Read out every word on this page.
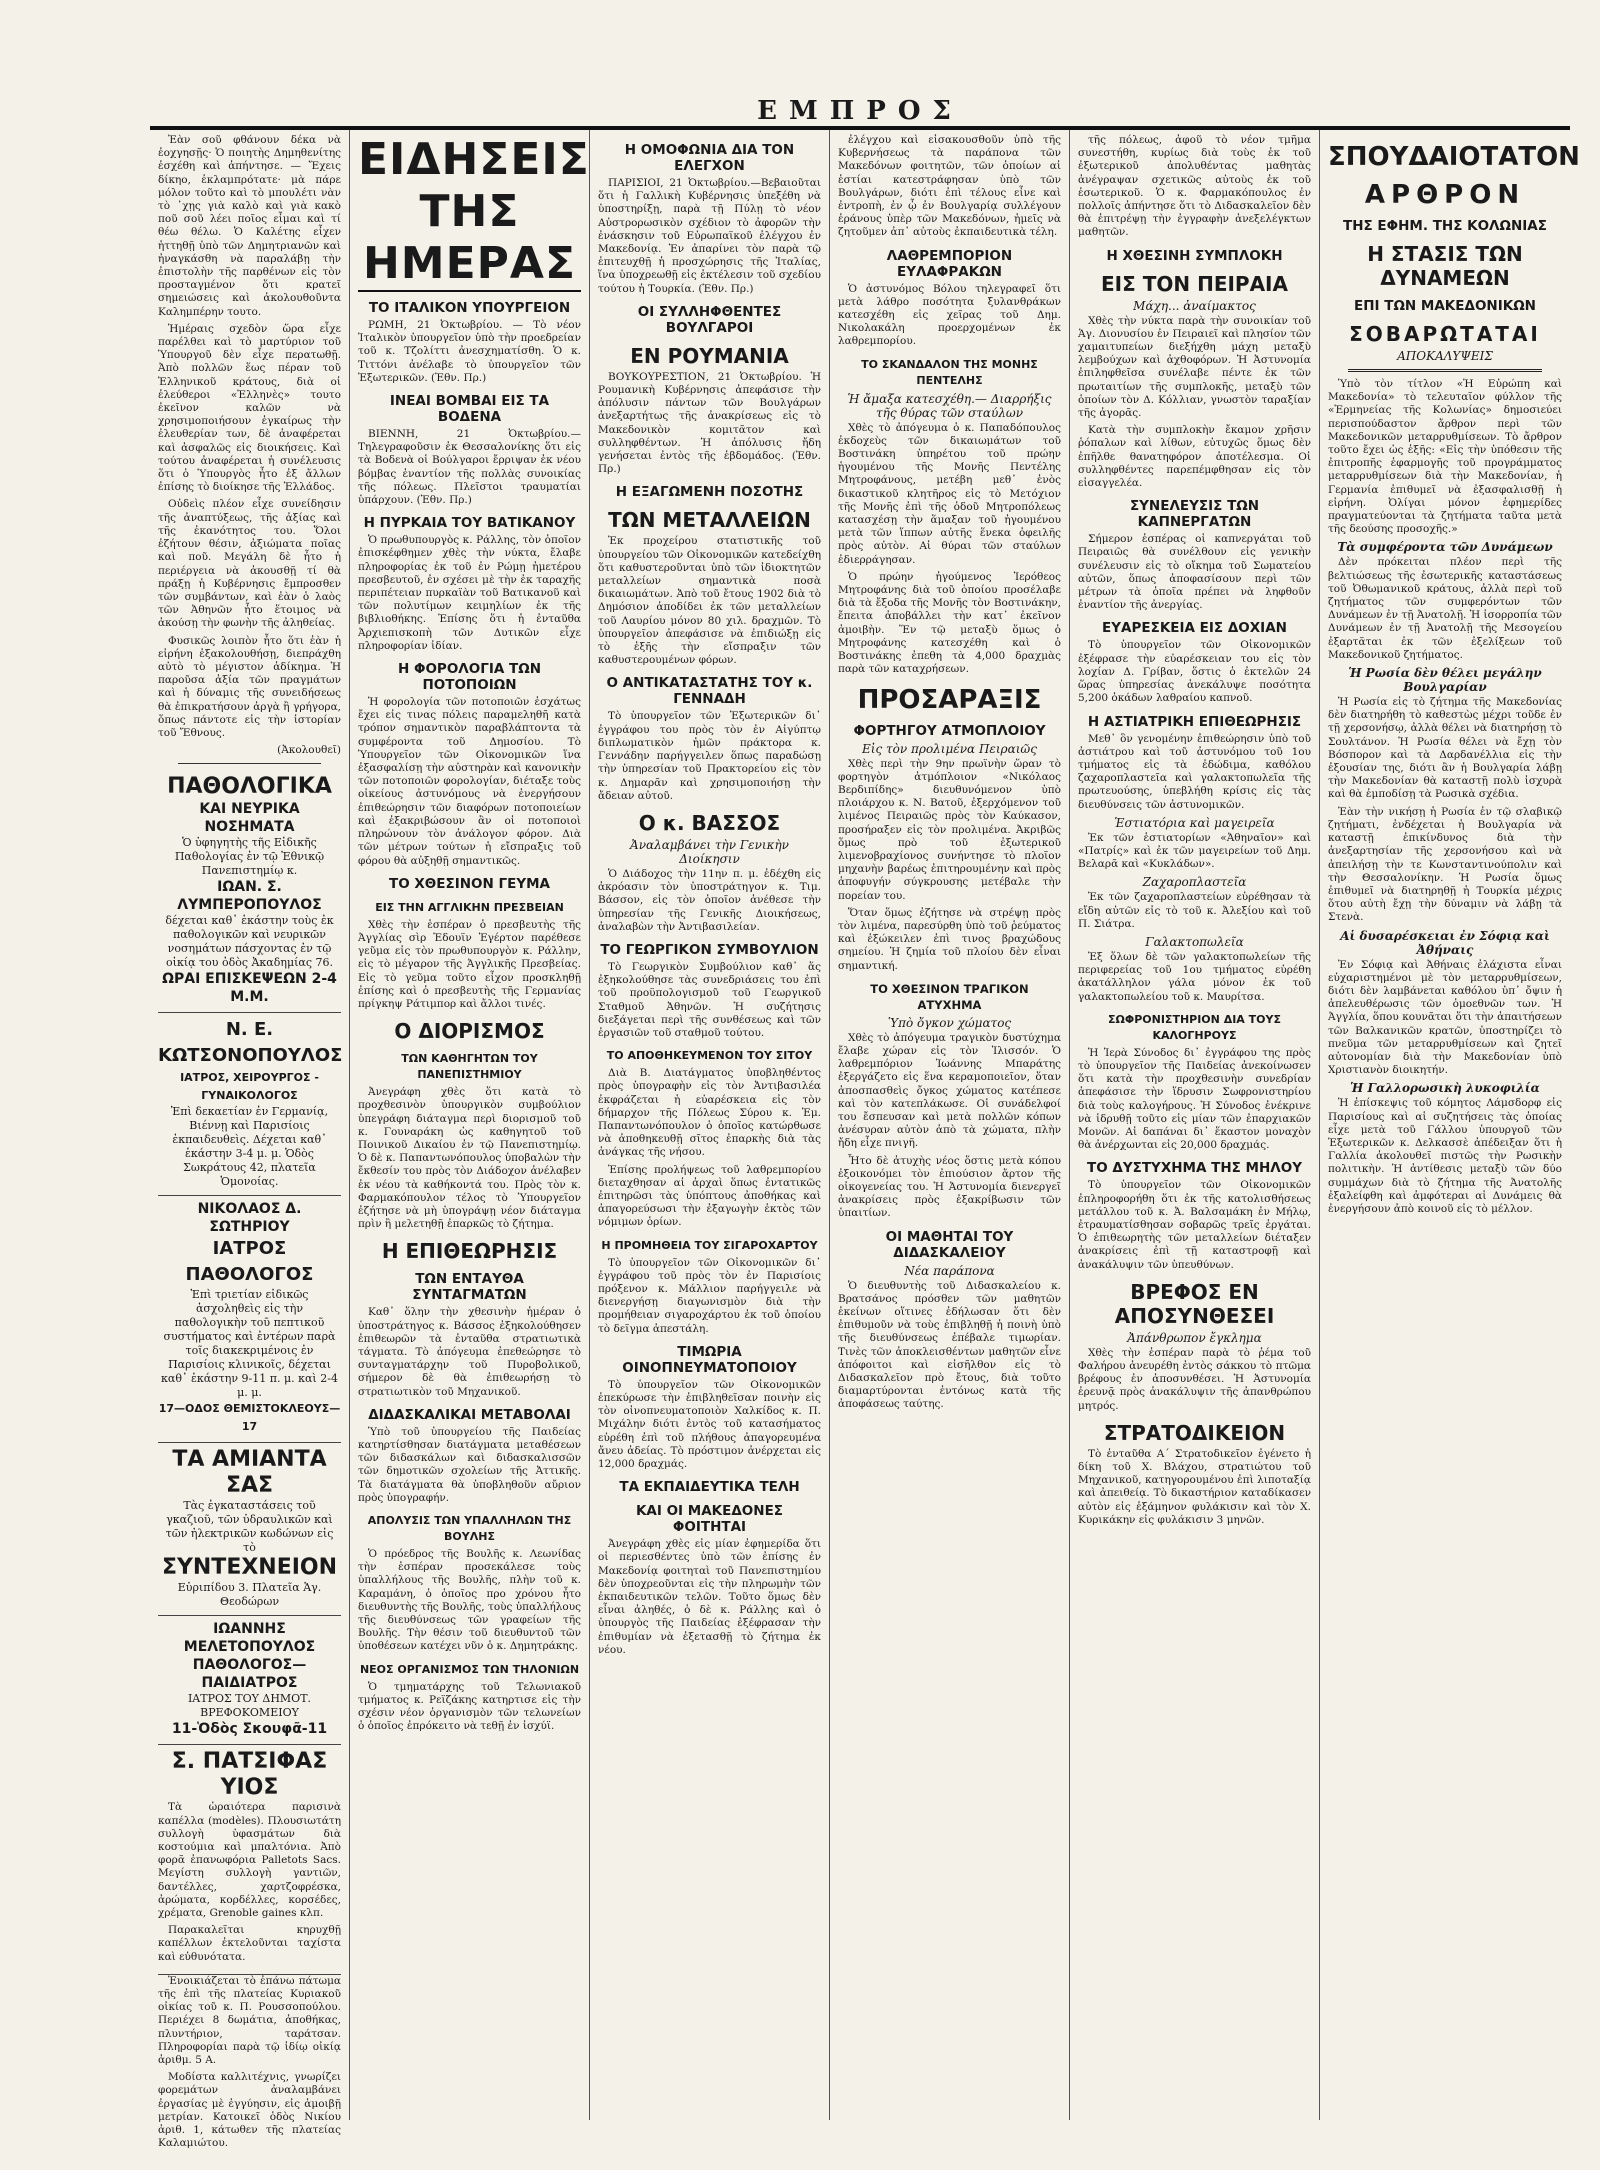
ΕΜΠΡΟΣ

Ἐὰν σοῦ φθάνουν δέκα νὰ ἐοχγησῇς· Ὁ ποιητὴς Δημηθενίτης ἐσχέθη καὶ ἀπήντησε. — Ἔχεις δίκηο, ἐκλαμπρότατε· μὰ πάρε μόλον τοῦτο καὶ τὸ μπουλέτι νὰν τὸ ᾽χῃς γιὰ καλὸ καὶ γιὰ κακὸ ποῦ σοῦ λέει ποῖος εἶμαι καὶ τί θέω θέλω. Ὁ Καλέτης εἶχεν ἡττηθῇ ὑπὸ τῶν Δημητριανῶν καὶ ἠναγκάσθη νὰ παραλάβῃ τὴν ἐπιστολὴν τῆς παρθένων εἰς τὸν προσταγμένον ὅτι κρατεῖ σημειώσεις καὶ ἀκολουθοῦντα Καλημπέρην τουτο.

Ἡμέραις σχεδὸν ὥρα εἶχε παρέλθει καὶ τὸ μαρτύριον τοῦ Ὑπουργοῦ δὲν εἶχε περατωθῇ. Ἀπὸ πολλῶν ἕως πέραν τοῦ Ἑλληνικοῦ κράτους, διὰ οἱ ἐλεύθεροι «Ἑλληνὲς» τουτο ἐκεῖνον καλῶν νὰ χρησιμοποιήσουν ἐγκαίρως τὴν ἐλευθερίαν των, δὲ ἀναφέρεται καὶ ἀσφαλῶς εἰς διοικήσεις. Καὶ τούτου ἀναφέρεται ἡ συνέλευσις ὅτι ὁ Ὑπουργὸς ἦτο ἐξ ἄλλων ἐπίσης τὸ διοίκησε τῆς Ἑλλάδος.

Οὐδεὶς πλέον εἶχε συνείδησιν τῆς ἀναπτύξεως, τῆς ἀξίας καὶ τῆς ἐκανότητος του. Ὅλοι ἐζήτουν θέσιν, ἀξιώματα ποῖας καὶ ποῦ. Μεγάλη δὲ ἦτο ἡ περιέργεια νὰ ἀκουσθῇ τί θὰ πράξῃ ἡ Κυβέρνησις ἔμπροσθεν τῶν συμβάντων, καὶ ἐὰν ὁ λαὸς τῶν Ἀθηνῶν ἦτο ἕτοιμος νὰ ἀκούσῃ τὴν φωνὴν τῆς ἀληθείας.

Φυσικῶς λοιπὸν ἦτο ὅτι ἐὰν ἡ εἰρήνη ἐξακολουθήσῃ, διεπράχθη αὐτὸ τὸ μέγιστον ἀδίκημα. Ἡ παροῦσα ἀξία τῶν πραγμάτων καὶ ἡ δύναμις τῆς συνειδήσεως θὰ ἐπικρατήσουν ἀργὰ ἢ γρήγορα, ὅπως πάντοτε εἰς τὴν ἱστορίαν τοῦ Ἔθνους.

(Ἀκολουθεῖ)

ΠΑΘΟΛΟΓΙΚΑ
ΚΑΙ ΝΕΥΡΙΚΑ ΝΟΣΗΜΑΤΑ
Ὁ ὑφηγητὴς τῆς Εἰδικῆς Παθολογίας ἐν τῷ Ἐθνικῷ Πανεπιστημίῳ κ.
ΙΩΑΝ. Σ. ΛΥΜΠΕΡΟΠΟΥΛΟΣ
δέχεται καθ᾽ ἑκάστην τοὺς ἐκ παθολογικῶν καὶ νευρικῶν νοσημάτων πάσχοντας ἐν τῷ οἰκίᾳ του ὁδὸς Ἀκαδημίας 76.
ΩΡΑΙ ΕΠΙΣΚΕΨΕΩΝ 2-4 Μ.Μ.
Ν. Ε. ΚΩΤΣΟΝΟΠΟΥΛΟΣ
ΙΑΤΡΟΣ, ΧΕΙΡΟΥΡΓΟΣ - ΓΥΝΑΙΚΟΛΟΓΟΣ
Ἐπὶ δεκαετίαν ἐν Γερμανίᾳ, Βιέννῃ καὶ Παρισίοις ἐκπαιδευθεὶς. Δέχεται καθ᾽ ἑκάστην 3-4 μ. μ. Ὁδὸς Σωκράτους 42, πλατεῖα Ὁμονοίας.
ΝΙΚΟΛΑΟΣ Δ. ΣΩΤΗΡΙΟΥ
ΙΑΤΡΟΣ ΠΑΘΟΛΟΓΟΣ
Ἐπὶ τριετίαν εἰδικῶς ἀσχοληθεὶς εἰς τὴν παθολογικὴν τοῦ πεπτικοῦ συστήματος καὶ ἐντέρων παρὰ τοῖς διακεκριμένοις ἐν Παρισίοις κλινικοῖς, δέχεται καθ᾽ ἑκάστην 9-11 π. μ. καὶ 2-4 μ. μ.
17—ΟΔΟΣ ΘΕΜΙΣΤΟΚΛΕΟΥΣ—17
ΤΑ ΑΜΙΑΝΤΑ ΣΑΣ
Τὰς ἐγκαταστάσεις τοῦ γκαζιοῦ, τῶν ὑδραυλικῶν καὶ τῶν ἠλεκτρικῶν κωδώνων εἰς τὸ
ΣΥΝΤΕΧΝΕΙΟΝ
Εὐριπίδου 3. Πλατεῖα Ἁγ. Θεοδώρων
ΙΩΑΝΝΗΣ ΜΕΛΕΤΟΠΟΥΛΟΣ
ΠΑΘΟΛΟΓΟΣ—ΠΑΙΔΙΑΤΡΟΣ
ΙΑΤΡΟΣ ΤΟΥ ΔΗΜΟΤ. ΒΡΕΦΟΚΟΜΕΙΟΥ
11-Ὁδὸς Σκουφᾶ-11
Σ. ΠΑΤΣΙΦΑΣ ΥΙΟΣ

Τὰ ὡραιότερα παρισινὰ καπέλλα (modèles). Πλουσιωτάτη συλλογὴ ὑφασμάτων διὰ κοστούμια καὶ μπαλτόνια. Ἀπὸ φορᾶ ἐπανωφόρια Palletots Sacs. Μεγίστη συλλογὴ γαντιῶν, δαντέλλες, χαρτζοφρέσκα, ἀρώματα, κορδέλλες, κορσέδες, χρέματα, Grenoble gaines κλπ.

Παρακαλεῖται κηρυχθῇ καπέλλων ἐκτελοῦνται ταχίστα καὶ εὐθυνότατα.

Ἐνοικιάζεται τὸ ἐπάνω πάτωμα τῆς ἐπὶ τῆς πλατείας Κυριακοῦ οἰκίας τοῦ κ. Π. Ρουσσοπούλου. Περιέχει 8 δωμάτια, ἀποθήκας, πλυντήριον, ταράτσαν. Πληροφορίαι παρὰ τῷ ἰδίῳ οἰκίᾳ ἀριθμ. 5 Α.

Μοδίστα καλλιτέχνις, γνωρίζει φορεμάτων ἀναλαμβάνει ἐργασίας μὲ ἐγγύησιν, εἰς ἀμοιβῇ μετρίαν. Κατοικεῖ ὁδὸς Νικίου ἀριθ. 1, κάτωθεν τῆς πλατείας Καλαμιώτου.

ΕΙΔΗΣΕΙΣ ΤΗΣ ΗΜΕΡΑΣ
ΤΟ ΙΤΑΛΙΚΟΝ ΥΠΟΥΡΓΕΙΟΝ

ΡΩΜΗ, 21 Ὀκτωβρίου. — Τὸ νέον Ἰταλικὸν ὑπουργεῖον ὑπὸ τὴν προεδρείαν τοῦ κ. Τζολίττι ἀνεσχηματίσθη. Ὁ κ. Τιττόνι ἀνέλαβε τὸ ὑπουργεῖον τῶν Ἐξωτερικῶν. (Ἐθν. Πρ.)

ΙΝΕΑΙ ΒΟΜΒΑΙ ΕΙΣ ΤΑ ΒΟΔΕΝΑ

ΒΙΕΝΝΗ, 21 Ὀκτωβρίου.—Τηλεγραφοῦσιν ἐκ Θεσσαλονίκης ὅτι εἰς τὰ Βοδενὰ οἱ Βούλγαροι ἔρριψαν ἐκ νέου βόμβας ἐναντίον τῆς πολλὰς συνοικίας τῆς πόλεως. Πλεῖστοι τραυματίαι ὑπάρχουν. (Ἐθν. Πρ.)

Η ΠΥΡΚΑΙΑ ΤΟΥ ΒΑΤΙΚΑΝΟΥ

Ὁ πρωθυπουργὸς κ. Ράλλης, τὸν ὁποῖον ἐπισκέφθημεν χθὲς τὴν νύκτα, ἔλαβε πληροφορίας ἐκ τοῦ ἐν Ρώμῃ ἡμετέρου πρεσβευτοῦ, ἐν σχέσει μὲ τὴν ἐκ ταραχῆς περιπέτειαν πυρκαϊὰν τοῦ Βατικανοῦ καὶ τῶν πολυτίμων κειμηλίων ἐκ τῆς βιβλιοθήκης. Ἐπίσης ὅτι ἡ ἐνταῦθα Ἀρχιεπισκοπὴ τῶν Δυτικῶν εἶχε πληροφορίαν ἰδίαν.

Η ΦΟΡΟΛΟΓΙΑ ΤΩΝ ΠΟΤΟΠΟΙΩΝ

Ἡ φορολογία τῶν ποτοποιῶν ἐσχάτως ἔχει εἰς τινας πόλεις παραμεληθῆ κατὰ τρόπον σημαντικὸν παραβλάπτοντα τὰ συμφέροντα τοῦ Δημοσίου. Τὸ Ὑπουργεῖον τῶν Οἰκονομικῶν ἵνα ἐξασφαλίσῃ τὴν αὐστηρὰν καὶ κανονικὴν τῶν ποτοποιῶν φορολογίαν, διέταξε τοὺς οἰκείους ἀστυνόμους νὰ ἐνεργήσουν ἐπιθεώρησιν τῶν διαφόρων ποτοποιείων καὶ ἐξακριβώσουν ἂν οἱ ποτοποιοὶ πληρώνουν τὸν ἀνάλογον φόρον. Διὰ τῶν μέτρων τούτων ἡ εἴσπραξις τοῦ φόρου θὰ αὐξηθῇ σημαντικῶς.

ΤΟ ΧΘΕΣΙΝΟΝ ΓΕΥΜΑ
ΕΙΣ ΤΗΝ ΑΓΓΛΙΚΗΝ ΠΡΕΣΒΕΙΑΝ

Χθὲς τὴν ἑσπέραν ὁ πρεσβευτὴς τῆς Ἀγγλίας σὶρ Ἐδουϊν Ἐγέρτον παρέθεσε γεῦμα εἰς τὸν πρωθυπουργὸν κ. Ράλλην, εἰς τὸ μέγαρον τῆς Ἀγγλικῆς Πρεσβείας. Εἰς τὸ γεῦμα τοῦτο εἶχον προσκληθῇ ἐπίσης καὶ ὁ πρεσβευτὴς τῆς Γερμανίας πρίγκηψ Ράτιμπορ καὶ ἄλλοι τινές.

Ο ΔΙΟΡΙΣΜΟΣ
ΤΩΝ ΚΑΘΗΓΗΤΩΝ ΤΟΥ ΠΑΝΕΠΙΣΤΗΜΙΟΥ

Ἀνεγράφη χθὲς ὅτι κατὰ τὸ προχθεσινὸν ὑπουργικὸν συμβούλιον ὑπεγράφη διάταγμα περὶ διορισμοῦ τοῦ κ. Γουναράκη ὡς καθηγητοῦ τοῦ Ποινικοῦ Δικαίου ἐν τῷ Πανεπιστημίῳ. Ὁ δὲ κ. Παπαντωνόπουλος ὑποβαλὼν τὴν ἔκθεσίν του πρὸς τὸν Διάδοχον ἀνέλαβεν ἐκ νέου τὰ καθήκοντά του. Πρὸς τὸν κ. Φαρμακόπουλον τέλος τὸ Ὑπουργεῖον ἐζήτησε νὰ μὴ ὑπογράψῃ νέον διάταγμα πρὶν ἢ μελετηθῇ ἐπαρκῶς τὸ ζήτημα.

Η ΕΠΙΘΕΩΡΗΣΙΣ
ΤΩΝ ΕΝΤΑΥΘΑ ΣΥΝΤΑΓΜΑΤΩΝ

Καθ᾽ ὅλην τὴν χθεσινὴν ἡμέραν ὁ ὑποστράτηγος κ. Βάσσος ἐξηκολούθησεν ἐπιθεωρῶν τὰ ἐνταῦθα στρατιωτικὰ τάγματα. Τὸ ἀπόγευμα ἐπεθεώρησε τὸ συνταγματάρχην τοῦ Πυροβολικοῦ, σήμερον δὲ θὰ ἐπιθεωρήσῃ τὸ στρατιωτικὸν τοῦ Μηχανικοῦ.

ΔΙΔΑΣΚΑΛΙΚΑΙ ΜΕΤΑΒΟΛΑΙ

Ὑπὸ τοῦ ὑπουργείου τῆς Παιδείας κατηρτίσθησαν διατάγματα μεταθέσεων τῶν διδασκάλων καὶ διδασκαλισσῶν τῶν δημοτικῶν σχολείων τῆς Ἀττικῆς. Τὰ διατάγματα θὰ ὑποβληθοῦν αὔριον πρὸς ὑπογραφήν.

ΑΠΟΛΥΣΙΣ ΤΩΝ ΥΠΑΛΛΗΛΩΝ ΤΗΣ ΒΟΥΛΗΣ

Ὁ πρόεδρος τῆς Βουλῆς κ. Λεωνίδας τὴν ἑσπέραν προσεκάλεσε τοὺς ὑπαλλήλους τῆς Βουλῆς, πλὴν τοῦ κ. Καραμάνη, ὁ ὁποῖος προ χρόνου ἦτο διευθυντὴς τῆς Βουλῆς, τοὺς ὑπαλλήλους τῆς διευθύνσεως τῶν γραφείων τῆς Βουλῆς. Τὴν θέσιν τοῦ διευθυντοῦ τῶν ὑποθέσεων κατέχει νῦν ὁ κ. Δημητράκης.

ΝΕΟΣ ΟΡΓΑΝΙΣΜΟΣ ΤΩΝ ΤΗΛΟΝΙΩΝ

Ὁ τμηματάρχης τοῦ Τελωνιακοῦ τμήματος κ. Ρεϊζάκης κατηρτισε εἰς τὴν σχέσιν νέον ὀργανισμὸν τῶν τελωνείων ὁ ὁποῖος ἐπρόκειτο νὰ τεθῇ ἐν ἰσχύϊ.

Η ΟΜΟΦΩΝΙΑ ΔΙΑ ΤΟΝ ΕΛΕΓΧΟΝ

ΠΑΡΙΣΙΟΙ, 21 Ὀκτωβρίου.—Βεβαιοῦται ὅτι ἡ Γαλλικὴ Κυβέρνησις ὑπεξέθη νὰ ὑποστηρίξῃ, παρὰ τῇ Πύλῃ τὸ νέον Αὐστρορωσικὸν σχέδιον τὸ ἀφορῶν τὴν ἐνάσκησιν τοῦ Εὐρωπαϊκοῦ ἐλέγχου ἐν Μακεδονίᾳ. Ἐν ἀπαρίνει τὸν παρὰ τῷ ἐπιτευχθῇ ἡ προσχώρησις τῆς Ἰταλίας, ἵνα ὑποχρεωθῇ εἰς ἐκτέλεσιν τοῦ σχεδίου τούτου ἡ Τουρκία. (Ἐθν. Πρ.)

ΟΙ ΣΥΛΛΗΦΘΕΝΤΕΣ ΒΟΥΛΓΑΡΟΙ
ΕΝ ΡΟΥΜΑΝΙΑ

ΒΟΥΚΟΥΡΕΣΤΙΟΝ, 21 Ὀκτωβρίου. Ἡ Ρουμανικὴ Κυβέρνησις ἀπεφάσισε τὴν ἀπόλυσιν πάντων τῶν Βουλγάρων ἀνεξαρτήτως τῆς ἀνακρίσεως εἰς τὸ Μακεδονικὸν κομιτᾶτον καὶ συλληφθέντων. Ἡ ἀπόλυσις ἤδη γενήσεται ἐντὸς τῆς ἑβδομάδος. (Ἐθν. Πρ.)

Η ΕΞΑΓΩΜΕΝΗ ΠΟΣΟΤΗΣ
ΤΩΝ ΜΕΤΑΛΛΕΙΩΝ

Ἐκ προχείρου στατιστικῆς τοῦ ὑπουργείου τῶν Οἰκονομικῶν κατεδείχθη ὅτι καθυστεροῦνται ὑπὸ τῶν ἰδιοκτητῶν μεταλλείων σημαντικὰ ποσὰ δικαιωμάτων. Ἀπὸ τοῦ ἔτους 1902 διὰ τὸ Δημόσιον ἀποδίδει ἐκ τῶν μεταλλείων τοῦ Λαυρίου μόνον 80 χιλ. δραχμῶν. Τὸ ὑπουργεῖον ἀπεφάσισε νὰ ἐπιδιώξῃ εἰς τὸ ἑξῆς τὴν εἴσπραξιν τῶν καθυστερουμένων φόρων.

Ο ΑΝΤΙΚΑΤΑΣΤΑΤΗΣ ΤΟΥ κ. ΓΕΝΝΑΔΗ

Τὸ ὑπουργεῖον τῶν Ἐξωτερικῶν δι᾽ ἐγγράφου του πρὸς τὸν ἐν Αἰγύπτῳ διπλωματικὸν ἡμῶν πράκτορα κ. Γεννάδην παρήγγειλεν ὅπως παραδώσῃ τὴν ὑπηρεσίαν τοῦ Πρακτορείου εἰς τὸν κ. Δημαρᾶν καὶ χρησιμοποιήσῃ τὴν ἄδειαν αὐτοῦ.

Ο κ. ΒΑΣΣΟΣ
Ἀναλαμβάνει τὴν Γενικὴν Διοίκησιν

Ὁ Διάδοχος τὴν 11ην π. μ. ἐδέχθη εἰς ἀκρόασιν τὸν ὑποστράτηγον κ. Τιμ. Βάσσον, εἰς τὸν ὁποῖον ἀνέθεσε τὴν ὑπηρεσίαν τῆς Γενικῆς Διοικήσεως, ἀναλαβὼν τὴν Ἀντιβασιλείαν.

ΤΟ ΓΕΩΡΓΙΚΟΝ ΣΥΜΒΟΥΛΙΟΝ

Τὸ Γεωργικὸν Συμβούλιον καθ᾽ ἅς ἐξηκολούθησε τὰς συνεδριάσεις του ἐπὶ τοῦ προϋπολογισμοῦ τοῦ Γεωργικοῦ Σταθμοῦ Ἀθηνῶν. Ἡ συζήτησις διεξάγεται περὶ τῆς συνθέσεως καὶ τῶν ἐργασιῶν τοῦ σταθμοῦ τούτου.

ΤΟ ΑΠΟΘΗΚΕΥΜΕΝΟΝ ΤΟΥ ΣΙΤΟΥ

Διὰ Β. Διατάγματος ὑποβληθέντος πρὸς ὑπογραφὴν εἰς τὸν Ἀντιβασιλέα ἐκφράζεται ἡ εὐαρέσκεια εἰς τὸν δήμαρχον τῆς Πόλεως Σύρου κ. Ἐμ. Παπαντωνόπουλον ὁ ὁποῖος κατώρθωσε νὰ ἀποθηκευθῇ σῖτος ἐπαρκὴς διὰ τὰς ἀνάγκας τῆς νήσου.

Ἐπίσης προλήψεως τοῦ λαθρεμπορίου διεταχθησαν αἱ ἀρχαὶ ὅπως ἐντατικῶς ἐπιτηρῶσι τὰς ὑπόπτους ἀποθήκας καὶ ἀπαγορεύσωσι τὴν ἐξαγωγὴν ἐκτὸς τῶν νόμιμων ὁρίων.

Η ΠΡΟΜΗΘΕΙΑ ΤΟΥ ΣΙΓΑΡΟΧΑΡΤΟΥ

Τὸ ὑπουργεῖον τῶν Οἰκονομικῶν δι᾽ ἐγγράφου τοῦ πρὸς τὸν ἐν Παρισίοις πρόξενον κ. Μάλλιον παρήγγειλε νὰ διενεργήσῃ διαγωνισμὸν διὰ τὴν προμήθειαν σιγαροχάρτου ἐκ τοῦ ὁποίου τὸ δεῖγμα ἀπεστάλη.

ΤΙΜΩΡΙΑ ΟΙΝΟΠΝΕΥΜΑΤΟΠΟΙΟΥ

Τὸ ὑπουργεῖον τῶν Οἰκονομικῶν ἐπεκύρωσε τὴν ἐπιβληθεῖσαν ποινὴν εἰς τὸν οἰνοπνευματοποιὸν Χαλκίδος κ. Π. Μιχάλην διότι ἐντὸς τοῦ κατασήματος εὑρέθη ἐπὶ τοῦ πλήθους ἀπαγορευμένα ἄνευ ἀδείας. Τὸ πρόστιμον ἀνέρχεται εἰς 12,000 δραχμάς.

ΤΑ ΕΚΠΑΙΔΕΥΤΙΚΑ ΤΕΛΗ
ΚΑΙ ΟΙ ΜΑΚΕΔΟΝΕΣ ΦΟΙΤΗΤΑΙ

Ἀνεγράφη χθὲς εἰς μίαν ἐφημερίδα ὅτι οἱ περιεσθέντες ὑπὸ τῶν ἐπίσης ἐν Μακεδονίᾳ φοιτηταὶ τοῦ Πανεπιστημίου δὲν ὑποχρεοῦνται εἰς τὴν πληρωμὴν τῶν ἐκπαιδευτικῶν τελῶν. Τοῦτο ὅμως δὲν εἶναι ἀληθές, ὁ δὲ κ. Ράλλης καὶ ὁ ὑπουργὸς τῆς Παιδείας ἐξέφρασαν τὴν ἐπιθυμίαν νὰ ἐξετασθῇ τὸ ζήτημα ἐκ νέου.

ἐλέγχου καὶ εἰσακουσθοῦν ὑπὸ τῆς Κυβερνήσεως τὰ παράπονα τῶν Μακεδόνων φοιτητῶν, τῶν ὁποίων αἱ ἑστίαι κατεστράφησαν ὑπὸ τῶν Βουλγάρων, διότι ἐπὶ τέλους εἶνε καὶ ἐντροπὴ, ἐν ᾧ ἐν Βουλγαρίᾳ συλλέγουν ἐράνους ὑπὲρ τῶν Μακεδόνων, ἡμεῖς νὰ ζητοῦμεν ἀπ᾽ αὐτοὺς ἐκπαιδευτικὰ τέλη.

ΛΑΘΡΕΜΠΟΡΙΟΝ ΕΥΛΑΦΡΑΚΩΝ

Ὁ ἀστυνόμος Βόλου τηλεγραφεῖ ὅτι μετὰ λάθρο ποσότητα ξυλανθράκων κατεσχέθη εἰς χεῖρας τοῦ Δημ. Νικολακάλη προερχομένων ἐκ λαθρεμπορίου.

ΤΟ ΣΚΑΝΔΑΛΟΝ ΤΗΣ ΜΟΝΗΣ ΠΕΝΤΕΛΗΣ
Ἡ ἄμαξα κατεσχέθη.— Διαρρήξις τῆς θύρας τῶν σταύλων

Χθὲς τὸ ἀπόγευμα ὁ κ. Παπαδόπουλος ἐκδοχεὺς τῶν δικαιωμάτων τοῦ Βοστινάκη ὑπηρέτου τοῦ πρώην ἡγουμένου τῆς Μονῆς Πεντέλης Μητροφάνους, μετέβη μεθ᾽ ἑνὸς δικαστικοῦ κλητῆρος εἰς τὸ Μετόχιον τῆς Μονῆς ἐπὶ τῆς ὁδοῦ Μητροπόλεως κατασχέσῃ τὴν ἅμαξαν τοῦ ἡγουμένου μετὰ τῶν ἵππων αὐτῆς ἕνεκα ὀφειλῆς πρὸς αὐτὸν. Αἱ θύραι τῶν σταύλων ἐδιερράγησαν.

Ὁ πρώην ἡγούμενος Ἱερόθεος Μητροφάνης διὰ τοῦ ὁποίου προσέλαβε διὰ τὰ ἔξοδα τῆς Μονῆς τὸν Βοστινάκην, ἔπειτα ἀποβάλλει τὴν κατ᾽ ἐκεῖνον ἀμοιβὴν. Ἕν τῷ μεταξὺ ὅμως ὁ Μητροφάνης κατεσχέθη καὶ ὁ Βοστινάκης ἐπεθη τὰ 4,000 δραχμὰς παρὰ τῶν καταχρήσεων.

ΠΡΟΣΑΡΑΞΙΣ
ΦΟΡΤΗΓΟΥ ΑΤΜΟΠΛΟΙΟΥ
Εἰς τὸν προλιμένα Πειραιῶς

Χθὲς περὶ τὴν 9ην πρωϊνὴν ὥραν τὸ φορτηγὸν ἀτμόπλοιον «Νικόλαος Βερδιπίδης» διευθυνόμενον ὑπὸ πλοιάρχου κ. Ν. Βατοῦ, ἐξερχόμενον τοῦ λιμένος Πειραιῶς πρὸς τὸν Καύκασον, προσήραξεν εἰς τὸν προλιμένα. Ἀκριβῶς ὅμως πρὸ τοῦ ἐξωτερικοῦ λιμενοβραχίονος συνήντησε τὸ πλοῖον μηχανὴν βαρέως ἐπιτηρουμένην καὶ πρὸς ἀποφυγήν σύγκρουσης μετέβαλε τὴν πορείαν του.

Ὅταν ὅμως ἐζήτησε νὰ στρέψῃ πρὸς τὸν λιμένα, παρεσύρθη ὑπὸ τοῦ ῥεύματος καὶ ἐξώκειλεν ἐπὶ τινος βραχώδους σημείου. Ἡ ζημία τοῦ πλοίου δὲν εἶναι σημαντική.

ΤΟ ΧΘΕΣΙΝΟΝ ΤΡΑΓΙΚΟΝ ΑΤΥΧΗΜΑ
Ὑπὸ ὄγκον χώματος

Χθὲς τὸ ἀπόγευμα τραγικὸν δυστύχημα ἔλαβε χώραν εἰς τὸν Ἰλισσόν. Ὁ λαθρεμπόριον Ἰωάννης Μπαράτης ἐξεργάζετο εἰς ἕνα κεραμοποιεῖον, ὅταν ἀποσπασθεὶς ὄγκος χώματος κατέπεσε καὶ τὸν κατεπλάκωσε. Οἱ συνάδελφοί του ἔσπευσαν καὶ μετὰ πολλῶν κόπων ἀνέσυραν αὐτὸν ἀπὸ τὰ χώματα, πλὴν ἤδη εἶχε πνιγῆ.

Ἦτο δὲ ἀτυχὴς νέος ὅστις μετὰ κόπου ἐξοικονόμει τὸν ἐπιούσιον ἄρτον τῆς οἰκογενείας του. Ἡ Ἀστυνομία διενεργεῖ ἀνακρίσεις πρὸς ἐξακρίβωσιν τῶν ὑπαιτίων.

ΟΙ ΜΑΘΗΤΑΙ ΤΟΥ ΔΙΔΑΣΚΑΛΕΙΟΥ
Νέα παράπονα

Ὁ διευθυντὴς τοῦ Διδασκαλείου κ. Βρατσάνος πρόσθεν τῶν μαθητῶν ἐκείνων οἵτινες ἐδήλωσαν ὅτι δὲν ἐπιθυμοῦν νὰ τοὺς ἐπιβληθῇ ἡ ποινὴ ὑπὸ τῆς διευθύνσεως ἐπέβαλε τιμωρίαν. Τινὲς τῶν ἀποκλεισθέντων μαθητῶν εἶνε ἀπόφοιτοι καὶ εἰσῆλθον εἰς τὸ Διδασκαλεῖον πρὸ ἔτους, διὰ τοῦτο διαμαρτύρονται ἐντόνως κατὰ τῆς ἀποφάσεως ταύτης.

τῆς πόλεως, ἀφοῦ τὸ νέον τμῆμα συνεστήθη, κυρίως διὰ τοὺς ἐκ τοῦ ἐξωτερικοῦ ἀπολυθέντας μαθητὰς ἀνέγραψαν σχετικῶς αὐτοὺς ἐκ τοῦ ἐσωτερικοῦ. Ὁ κ. Φαρμακόπουλος ἐν πολλοῖς ἀπήντησε ὅτι τὸ Διδασκαλεῖον δὲν θὰ ἐπιτρέψῃ τὴν ἐγγραφὴν ἀνεξελέγκτων μαθητῶν.

Η ΧΘΕΣΙΝΗ ΣΥΜΠΛΟΚΗ
ΕΙΣ ΤΟΝ ΠΕΙΡΑΙΑ
Μάχη... ἀναίμακτος

Χθὲς τὴν νύκτα παρὰ τὴν συνοικίαν τοῦ Ἁγ. Διονυσίου ἐν Πειραιεῖ καὶ πλησίον τῶν χαμαιτυπείων διεξήχθη μάχη μεταξὺ λεμβούχων καὶ ἀχθοφόρων. Ἡ Ἀστυνομία ἐπιληφθεῖσα συνέλαβε πέντε ἐκ τῶν πρωταιτίων τῆς συμπλοκῆς, μεταξὺ τῶν ὁποίων τὸν Δ. Κόλλιαν, γνωστὸν ταραξίαν τῆς ἀγορᾶς.

Κατὰ τὴν συμπλοκὴν ἔκαμον χρῆσιν ῥόπαλων καὶ λίθων, εὐτυχῶς ὅμως δὲν ἐπῆλθε θανατηφόρον ἀποτέλεσμα. Οἱ συλληφθέντες παρεπέμφθησαν εἰς τὸν εἰσαγγελέα.

ΣΥΝΕΛΕΥΣΙΣ ΤΩΝ ΚΑΠΝΕΡΓΑΤΩΝ

Σήμερον ἐσπέρας οἱ καπνεργάται τοῦ Πειραιῶς θὰ συνέλθουν εἰς γενικὴν συνέλευσιν εἰς τὸ οἴκημα τοῦ Σωματείου αὐτῶν, ὅπως ἀποφασίσουν περὶ τῶν μέτρων τὰ ὁποῖα πρέπει νὰ ληφθοῦν ἐναντίον τῆς ἀνεργίας.

ΕΥΑΡΕΣΚΕΙΑ ΕΙΣ ΔΟΧΙΑΝ

Τὸ ὑπουργεῖον τῶν Οἰκονομικῶν ἐξέφρασε τὴν εὐαρέσκειαν του εἰς τὸν λοχίαν Δ. Γρίβαν, ὅστις ὁ ἐκτελῶν 24 ὥρας ὑπηρεσίας ἀνεκάλυψε ποσότητα 5,200 ὀκάδων λαθραίου καπνοῦ.

Η ΑΣΤΙΑΤΡΙΚΗ ΕΠΙΘΕΩΡΗΣΙΣ

Μεθ᾽ ὃν γενομένην ἐπιθεώρησιν ὑπὸ τοῦ ἀστιάτρου καὶ τοῦ ἀστυνόμου τοῦ 1ου τμήματος εἰς τὰ ἐδώδιμα, καθόλου ζαχαροπλαστεῖα καὶ γαλακτοπωλεῖα τῆς πρωτευούσης, ὑπεβλήθη κρίσις εἰς τὰς διευθύνσεις τῶν ἀστυνομικῶν.

Ἑστιατόρια καὶ μαγειρεῖα

Ἐκ τῶν ἑστιατορίων «Ἀθηναῖον» καὶ «Πατρίς» καὶ ἐκ τῶν μαγειρείων τοῦ Δημ. Βελαρᾶ καὶ «Κυκλάδων».

Ζαχαροπλαστεῖα

Ἐκ τῶν ζαχαροπλαστείων εὑρέθησαν τὰ εἴδη αὐτῶν εἰς τὸ τοῦ κ. Ἀλεξίου καὶ τοῦ Π. Σιάτρα.

Γαλακτοπωλεῖα

Ἐξ ὅλων δὲ τῶν γαλακτοπωλείων τῆς περιφερείας τοῦ 1ου τμήματος εὑρέθη ἀκατάλληλον γάλα μόνον ἐκ τοῦ γαλακτοπωλείου τοῦ κ. Μαυρίτσα.

ΣΩΦΡΟΝΙΣΤΗΡΙΟΝ ΔΙΑ ΤΟΥΣ ΚΑΛΟΓΗΡΟΥΣ

Ἡ Ἱερὰ Σύνοδος δι᾽ ἐγγράφου της πρὸς τὸ ὑπουργεῖον τῆς Παιδείας ἀνεκοίνωσεν ὅτι κατὰ τὴν προχθεσινὴν συνεδρίαν ἀπεφάσισε τὴν ἵδρυσιν Σωφρονιστηρίου διὰ τοὺς καλογήρους. Ἡ Σύνοδος ἐνέκρινε νὰ ἱδρυθῇ τοῦτο εἰς μίαν τῶν ἐπαρχιακῶν Μονῶν. Αἱ δαπάναι δι᾽ ἕκαστον μοναχὸν θὰ ἀνέρχωνται εἰς 20,000 δραχμάς.

ΤΟ ΔΥΣΤΥΧΗΜΑ ΤΗΣ ΜΗΛΟΥ

Τὸ ὑπουργεῖον τῶν Οἰκονομικῶν ἐπληροφορήθη ὅτι ἐκ τῆς κατολισθήσεως μετάλλου τοῦ κ. Ἀ. Βαλσαμάκη ἐν Μήλῳ, ἐτραυματίσθησαν σοβαρῶς τρεῖς ἐργάται. Ὁ ἐπιθεωρητὴς τῶν μεταλλείων διέταξεν ἀνακρίσεις ἐπὶ τῇ καταστροφῇ καὶ ἀνακάλυψιν τῶν ὑπευθύνων.

ΒΡΕΦΟΣ ΕΝ ΑΠΟΣΥΝΘΕΣΕΙ
Ἀπάνθρωπον ἔγκλημα

Χθὲς τὴν ἑσπέραν παρὰ τὸ ῥέμα τοῦ Φαλήρου ἀνευρέθη ἐντὸς σάκκου τὸ πτῶμα βρέφους ἐν ἀποσυνθέσει. Ἡ Ἀστυνομία ἐρευνᾷ πρὸς ἀνακάλυψιν τῆς ἀπανθρώπου μητρός.

ΣΤΡΑΤΟΔΙΚΕΙΟΝ

Τὸ ἐνταῦθα Α΄ Στρατοδικεῖον ἐγένετο ἡ δίκη τοῦ Χ. Βλάχου, στρατιώτου τοῦ Μηχανικοῦ, κατηγορουμένου ἐπὶ λιποταξίᾳ καὶ ἀπειθείᾳ. Τὸ δικαστήριον καταδίκασεν αὐτὸν εἰς ἐξάμηνον φυλάκισιν καὶ τὸν Χ. Κυρικάκην εἰς φυλάκισιν 3 μηνῶν.

ΣΠΟΥΔΑΙΟΤΑΤΟΝ
ΑΡΘΡΟΝ
ΤΗΣ ΕΦΗΜ. ΤΗΣ ΚΟΛΩΝΙΑΣ
Η ΣΤΑΣΙΣ ΤΩΝ ΔΥΝΑΜΕΩΝ
ΕΠΙ ΤΩΝ ΜΑΚΕΔΟΝΙΚΩΝ
ΣΟΒΑΡΩΤΑΤΑΙ
ΑΠΟΚΑΛΥΨΕΙΣ

Ὑπὸ τὸν τίτλον «Ἡ Εὐρώπη καὶ Μακεδονία» τὸ τελευταῖον φύλλον τῆς «Ἑρμηνείας τῆς Κολωνίας» δημοσιεύει περισπούδαστον ἄρθρον περὶ τῶν Μακεδονικῶν μεταρρυθμίσεων. Τὸ ἄρθρον τοῦτο ἔχει ὡς ἑξῆς: «Εἰς τὴν ὑπόθεσιν τῆς ἐπιτροπῆς ἐφαρμογῆς τοῦ προγράμματος μεταρρυθμίσεων διὰ τὴν Μακεδονίαν, ἡ Γερμανία ἐπιθυμεῖ νὰ ἐξασφαλισθῇ ἡ εἰρήνη. Ὀλίγαι μόνον ἐφημερίδες πραγματεύονται τὰ ζητήματα ταῦτα μετὰ τῆς δεούσης προσοχῆς.»

Τὰ συμφέροντα τῶν Δυνάμεων

Δὲν πρόκειται πλέον περὶ τῆς βελτιώσεως τῆς ἐσωτερικῆς καταστάσεως τοῦ Ὀθωμανικοῦ κράτους, ἀλλὰ περὶ τοῦ ζητήματος τῶν συμφερόντων τῶν Δυνάμεων ἐν τῇ Ἀνατολῇ. Ἡ ἰσορροπία τῶν Δυνάμεων ἐν τῇ Ἀνατολῇ τῆς Μεσογείου ἐξαρτᾶται ἐκ τῶν ἐξελίξεων τοῦ Μακεδονικοῦ ζητήματος.

Ἡ Ρωσία δὲν θέλει μεγάλην Βουλγαρίαν

Ἡ Ρωσία εἰς τὸ ζήτημα τῆς Μακεδονίας δὲν διατηρήθη τὸ καθεστὼς μέχρι τοῦδε ἐν τῇ χερσονήσῳ, ἀλλὰ θέλει νὰ διατηρήσῃ τὸ Σουλτάνον. Ἡ Ρωσία θέλει νὰ ἔχῃ τὸν Βόσπορον καὶ τὰ Δαρδανέλλια εἰς τὴν ἐξουσίαν της, διότι ἂν ἡ Βουλγαρία λάβῃ τὴν Μακεδονίαν θὰ καταστῇ πολὺ ἰσχυρὰ καὶ θὰ ἐμποδίσῃ τὰ Ρωσικὰ σχέδια.

Ἐὰν τὴν νικήσῃ ἡ Ρωσία ἐν τῷ σλαβικῷ ζητήματι, ἐνδέχεται ἡ Βουλγαρία νὰ καταστῇ ἐπικίνδυνος διὰ τὴν ἀνεξαρτησίαν τῆς χερσονήσου καὶ νὰ ἀπειλήσῃ τὴν τε Κωνσταντινούπολιν καὶ τὴν Θεσσαλονίκην. Ἡ Ρωσία ὅμως ἐπιθυμεῖ νὰ διατηρηθῇ ἡ Τουρκία μέχρις ὅτου αὐτὴ ἔχῃ τὴν δύναμιν νὰ λάβῃ τὰ Στενὰ.

Αἱ δυσαρέσκειαι ἐν Σόφιᾳ καὶ Ἀθήναις

Ἐν Σόφιᾳ καὶ Ἀθήναις ἐλάχιστα εἶναι εὐχαριστημένοι μὲ τὸν μεταρρυθμίσεων, διότι δὲν λαμβάνεται καθόλου ὑπ᾽ ὄψιν ἡ ἀπελευθέρωσις τῶν ὁμοεθνῶν των. Ἡ Ἀγγλία, ὅπου κουνᾶται ὅτι τὴν ἀπαιτήσεων τῶν Βαλκανικῶν κρατῶν, ὑποστηρίζει τὸ πνεῦμα τῶν μεταρρυθμίσεων καὶ ζητεῖ αὐτονομίαν διὰ τὴν Μακεδονίαν ὑπὸ Χριστιανὸν διοικητήν.

Ἡ Γαλλορωσικὴ λυκοφιλία

Ἡ ἐπίσκεψις τοῦ κόμητος Λάμσδορφ εἰς Παρισίους καὶ αἱ συζητήσεις τὰς ὁποίας εἶχε μετὰ τοῦ Γάλλου ὑπουργοῦ τῶν Ἐξωτερικῶν κ. Δελκασσὲ ἀπέδειξαν ὅτι ἡ Γαλλία ἀκολουθεῖ πιστῶς τὴν Ρωσικὴν πολιτικὴν. Ἡ ἀντίθεσις μεταξὺ τῶν δύο συμμάχων διὰ τὸ ζήτημα τῆς Ἀνατολῆς ἐξαλείφθη καὶ ἀμφότεραι αἱ Δυνάμεις θὰ ἐνεργήσουν ἀπὸ κοινοῦ εἰς τὸ μέλλον.
